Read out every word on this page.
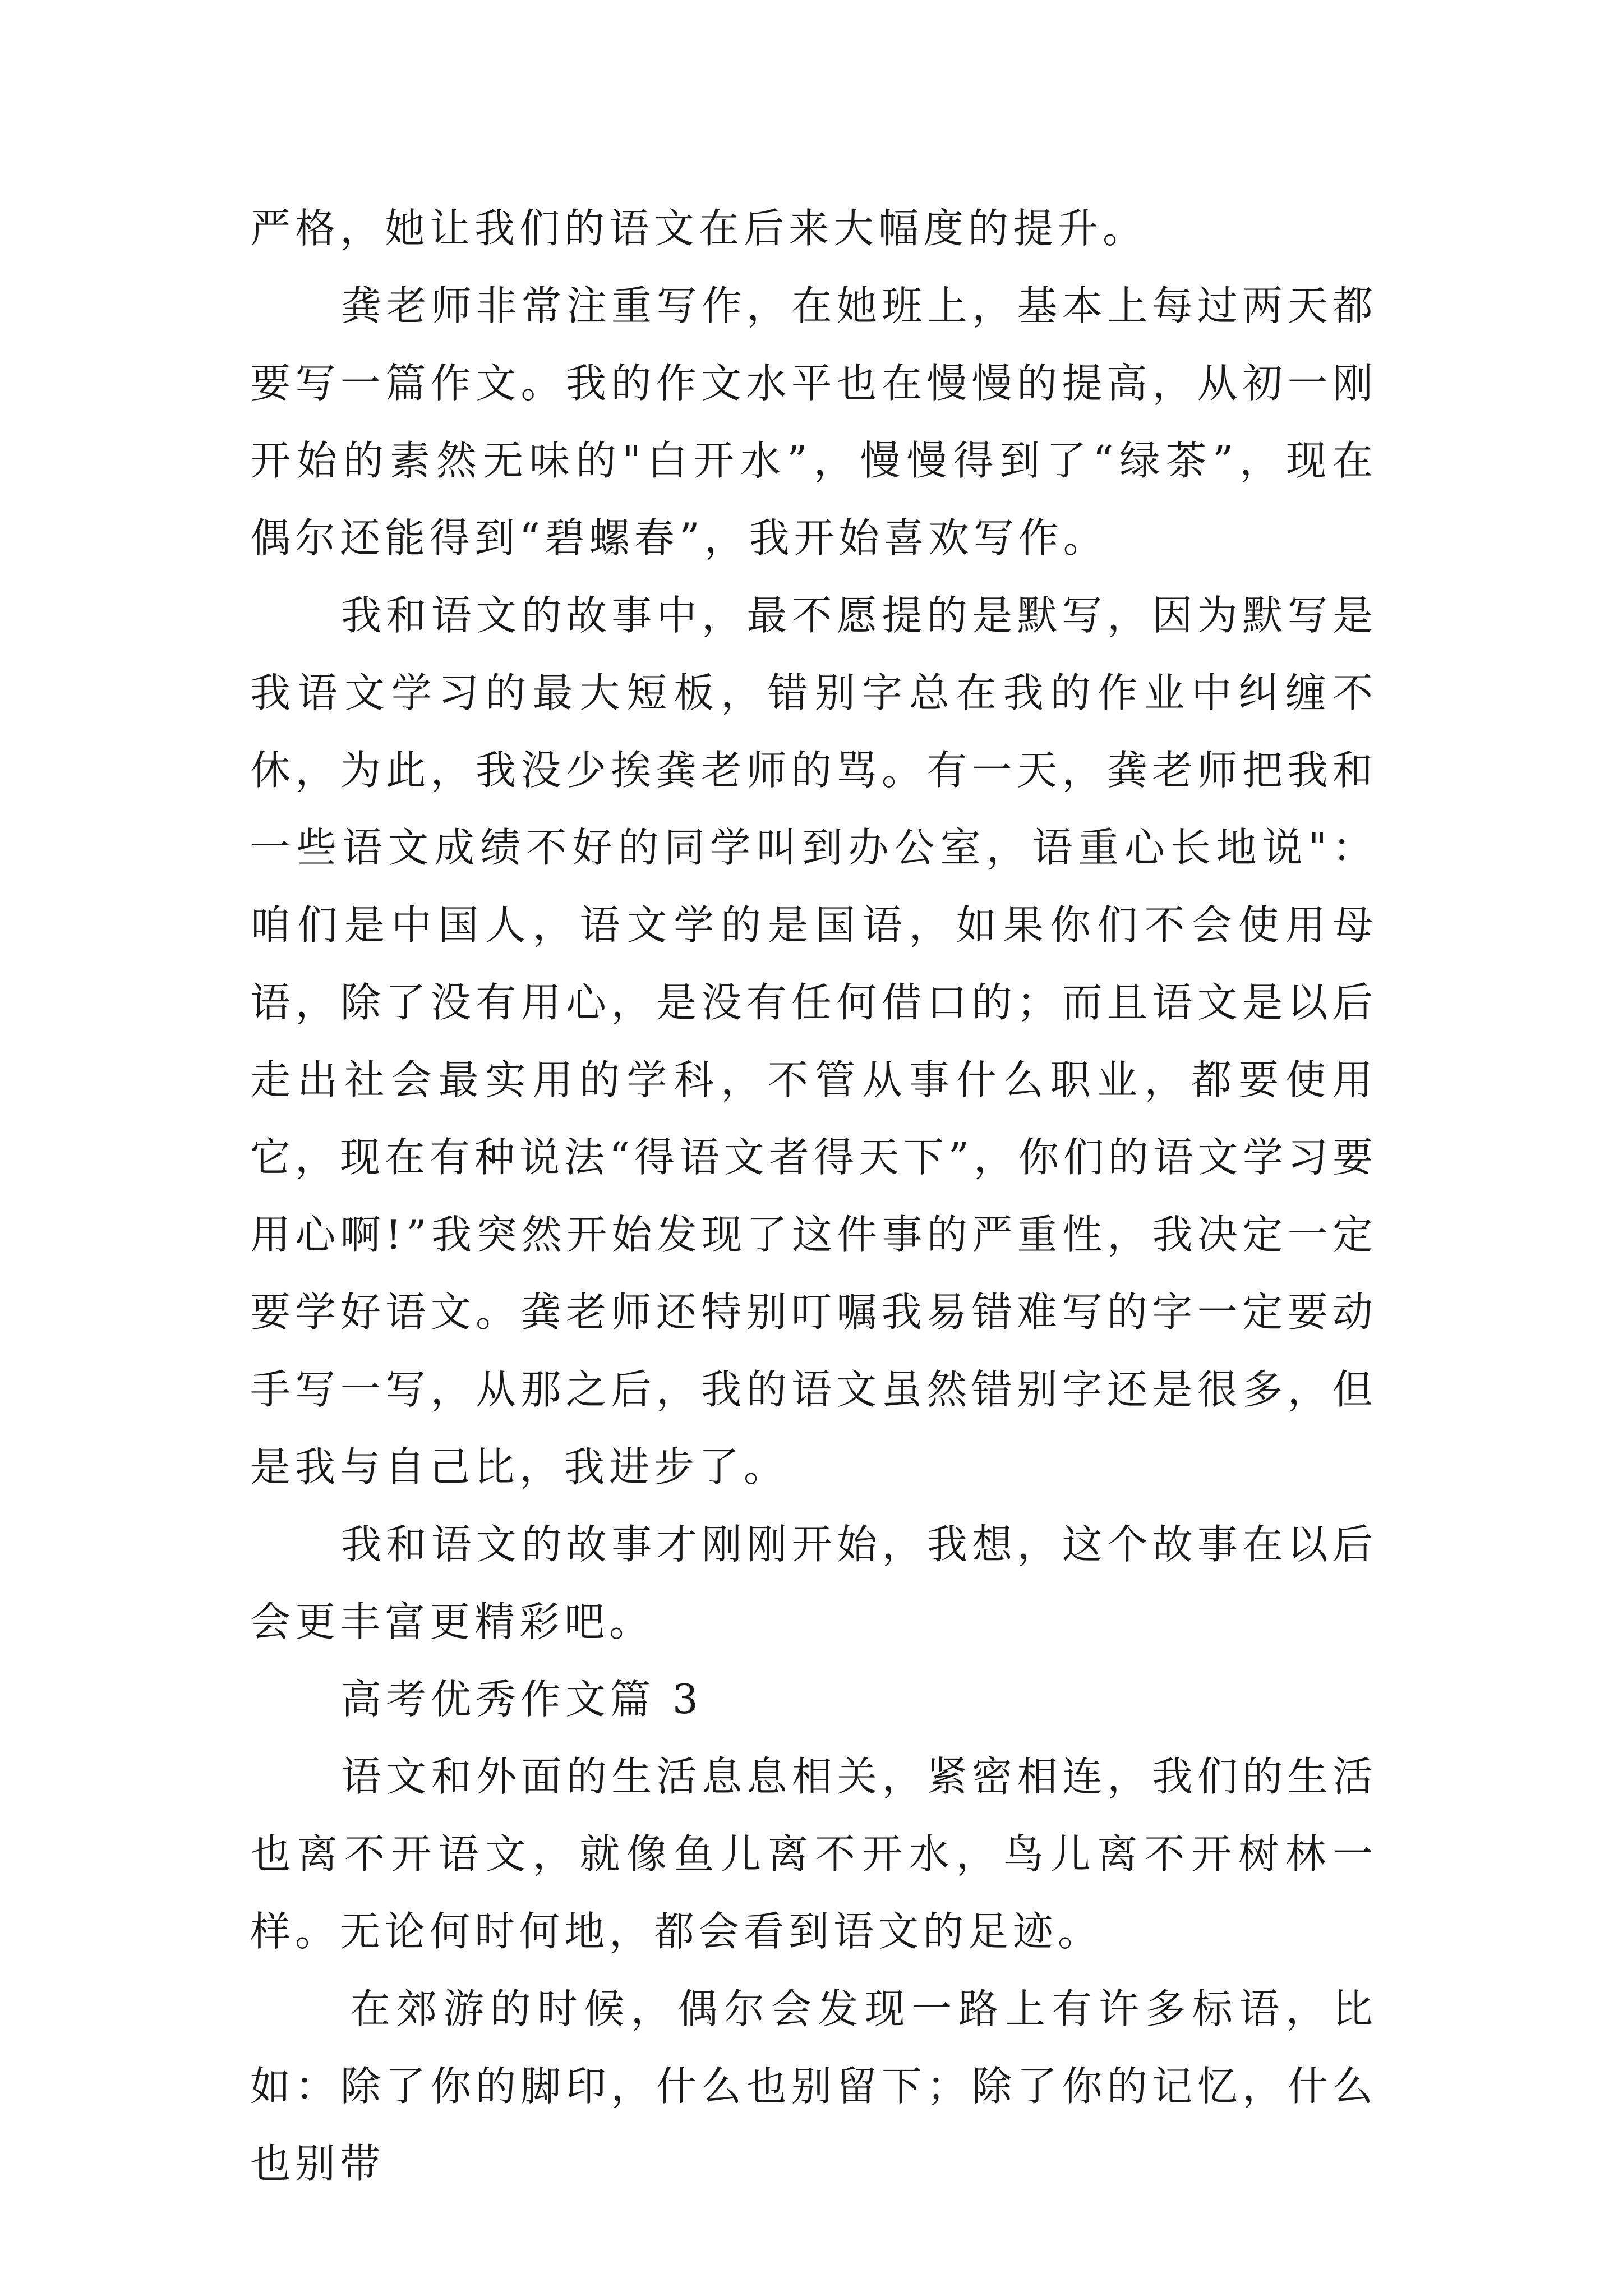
严格，她让我们的语文在后来大幅度的提升。

龚老师非常注重写作，在她班上，基本上每过两天都要写一篇作文。我的作文水平也在慢慢的提高，从初一刚开始的素然无味的"白开水”，慢慢得到了“绿茶”，现在偶尔还能得到“碧螺春”，我开始喜欢写作。

我和语文的故事中，最不愿提的是默写，因为默写是我语文学习的最大短板，错别字总在我的作业中纠缠不休，为此，我没少挨龚老师的骂。有一天，龚老师把我和一些语文成绩不好的同学叫到办公室，语重心长地说"：咱们是中国人，语文学的是国语，如果你们不会使用母语，除了没有用心，是没有任何借口的；而且语文是以后走出社会最实用的学科，不管从事什么职业，都要使用它，现在有种说法“得语文者得天下”，你们的语文学习要用心啊!”我突然开始发现了这件事的严重性，我决定一定要学好语文。龚老师还特别叮嘱我易错难写的字一定要动手写一写，从那之后，我的语文虽然错别字还是很多，但是我与自己比，我进步了。

我和语文的故事才刚刚开始，我想，这个故事在以后会更丰富更精彩吧。

高考优秀作文篇 3

语文和外面的生活息息相关，紧密相连，我们的生活也离不开语文，就像鱼儿离不开水，鸟儿离不开树林一样。无论何时何地，都会看到语文的足迹。

在郊游的时候，偶尔会发现一路上有许多标语，比如：除了你的脚印，什么也别留下；除了你的记忆，什么也别带
